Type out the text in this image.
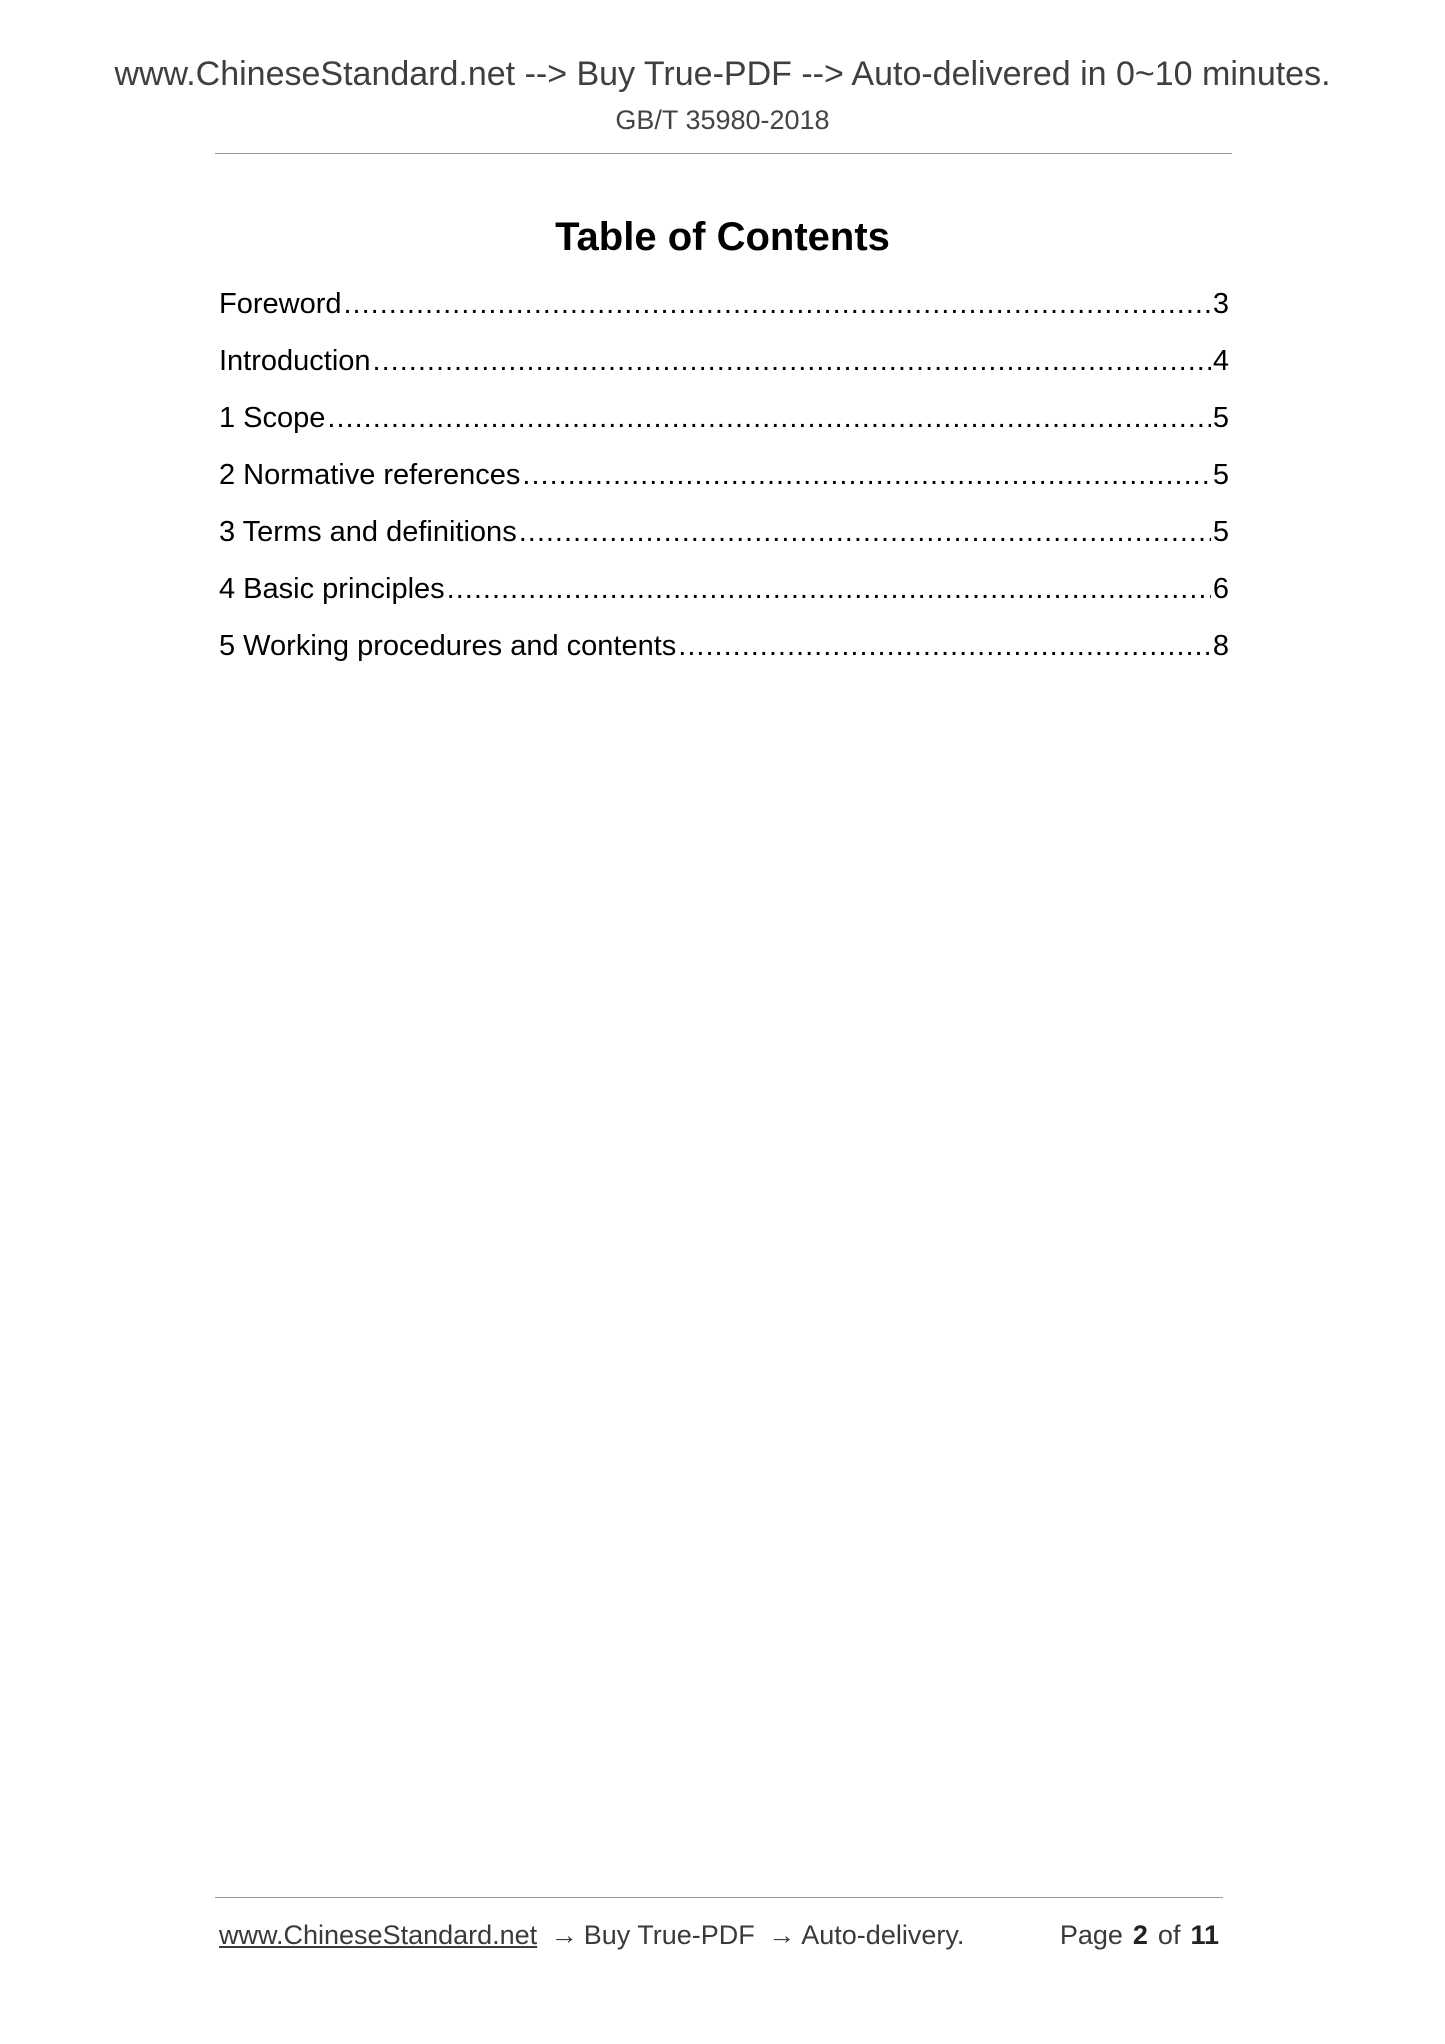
www.ChineseStandard.net --> Buy True-PDF --> Auto-delivered in 0~10 minutes.
GB/T 35980-2018
Table of Contents
Foreword .....	3
Introduction .....	4
1 Scope .....	5
2 Normative references .....	5
3 Terms and definitions .....	5
4 Basic principles .....	6
5 Working procedures and contents .....	8
www.ChineseStandard.net → Buy True-PDF → Auto-delivery.	Page 2 of 11
